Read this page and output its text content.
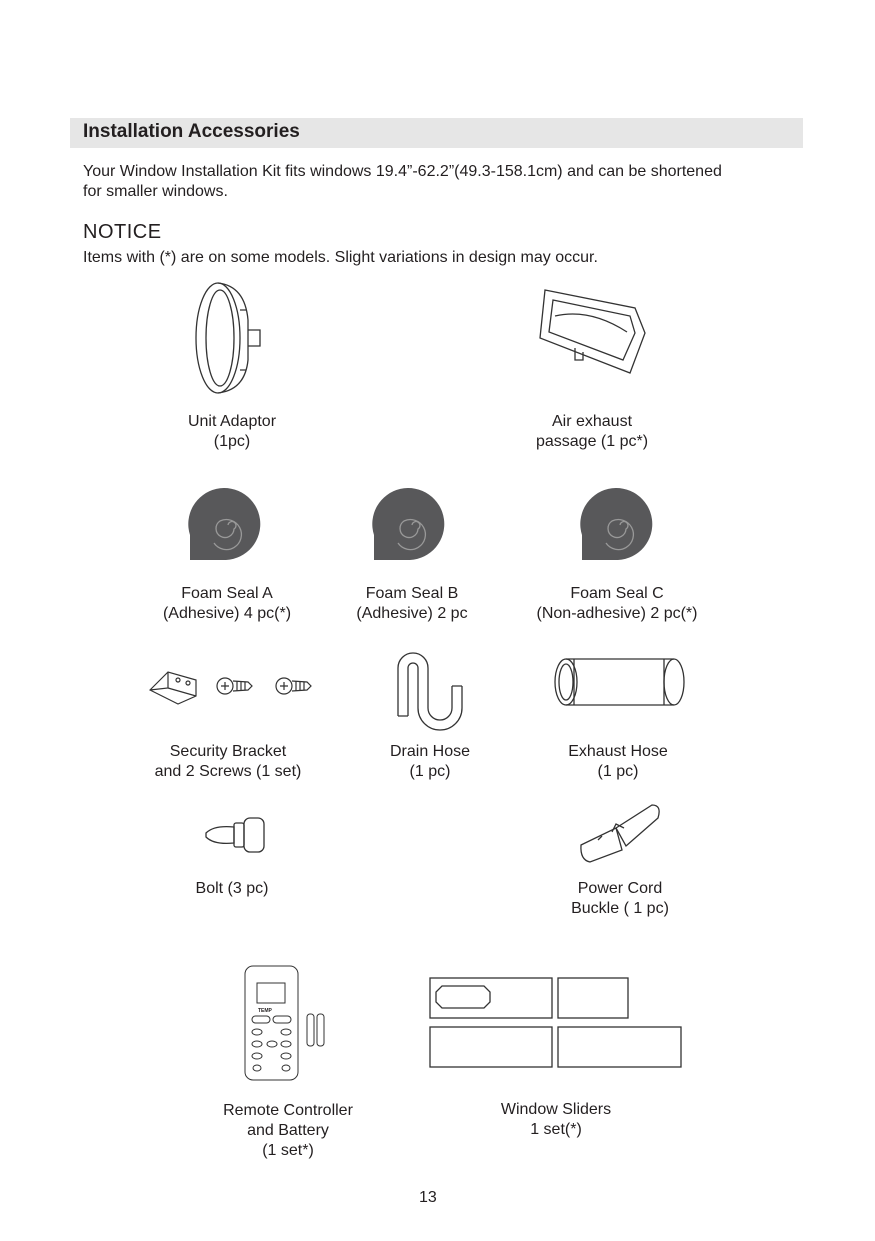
Installation Accessories
Your Window Installation Kit fits windows 19.4”-62.2”(49.3-158.1cm) and can be shortened
for smaller windows.
NOTICE
Items with (*) are on some models. Slight variations in design may occur.
Unit Adaptor
(1pc)
Air exhaust
passage (1 pc*)
Foam Seal A
(Adhesive) 4 pc(*)
Foam Seal B
(Adhesive) 2 pc
Foam Seal C
(Non-adhesive) 2 pc(*)
Security Bracket
and 2 Screws (1 set)
Drain Hose
(1 pc)
Exhaust Hose
(1 pc)
Bolt (3 pc)	Power Cord
Buckle ( 1 pc)
TEMP
Remote Controller
and Battery
(1 set*)
Window Sliders
1 set(*)
13
